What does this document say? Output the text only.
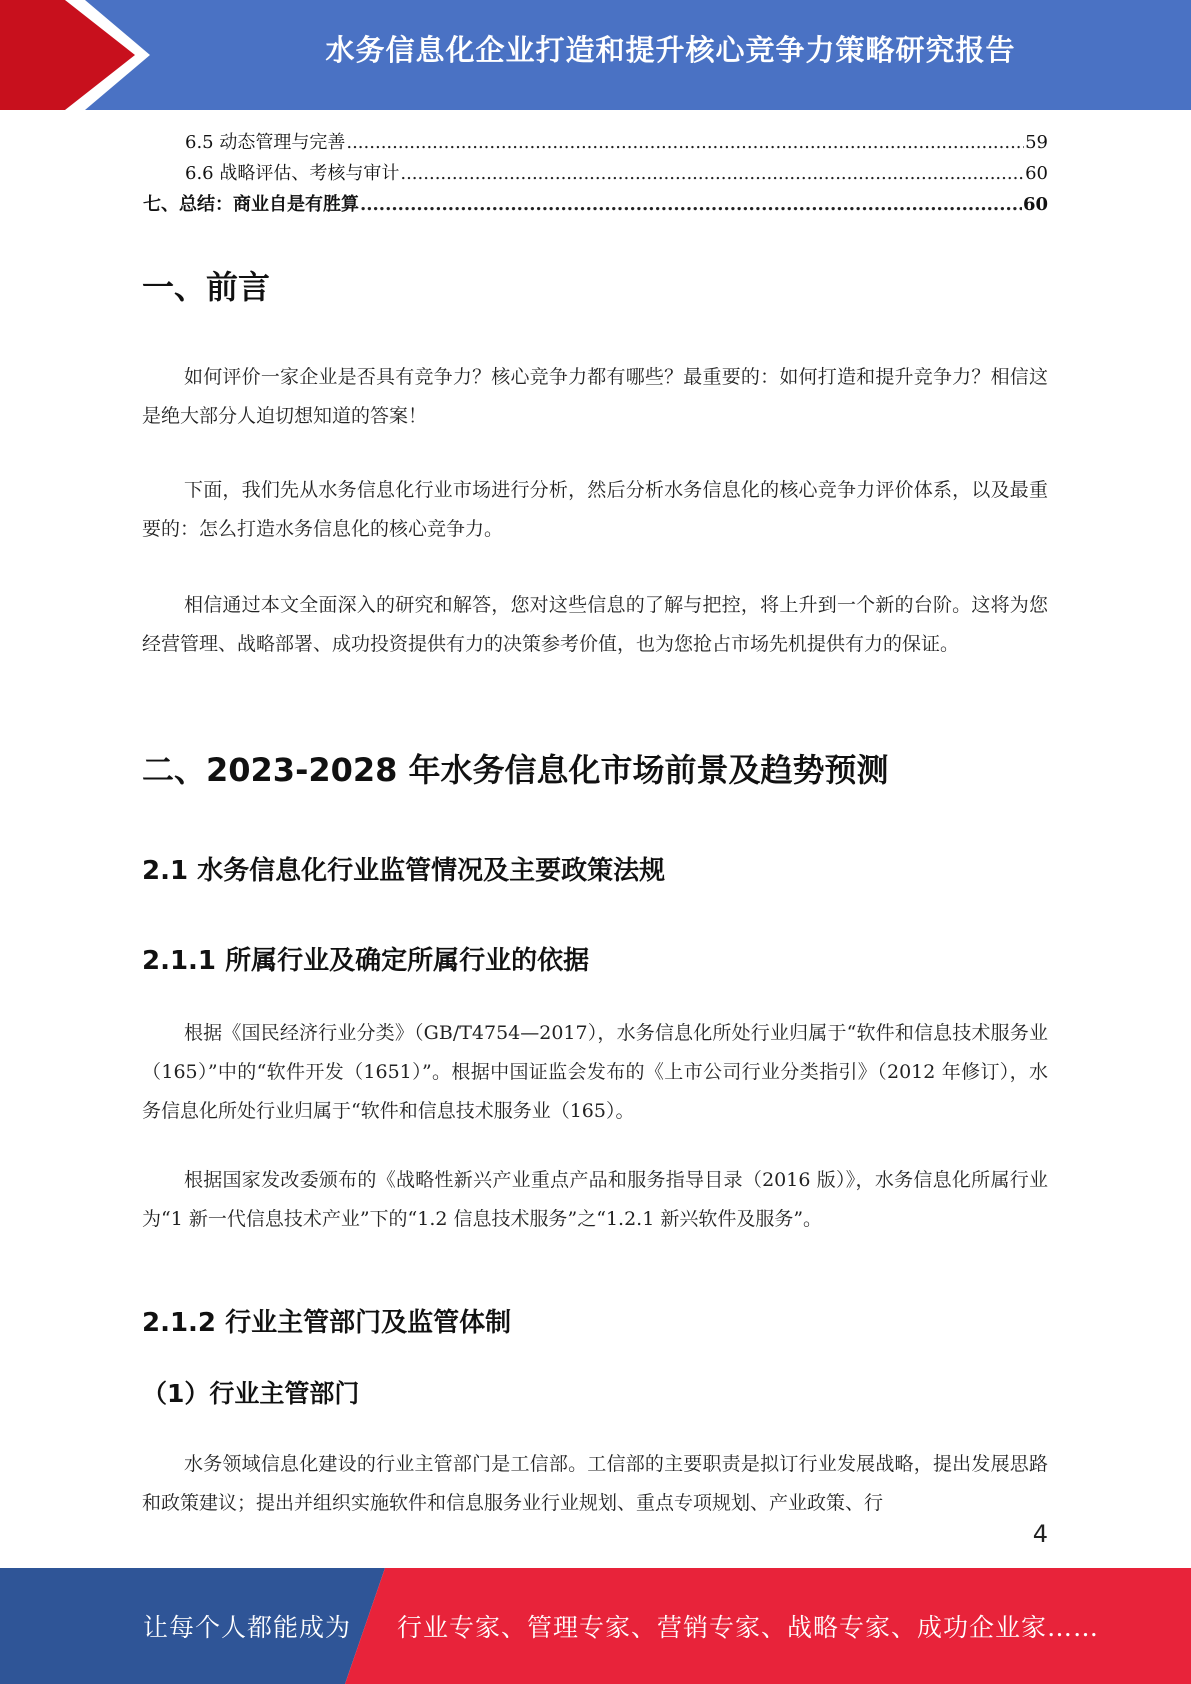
水务信息化企业打造和提升核心竞争力策略研究报告
6.5 动态管理与完善 .....	59
6.6 战略评估、考核与审计 .....	60
七、总结：商业自是有胜算 .....	60
一、前言

如何评价一家企业是否具有竞争力？核心竞争力都有哪些？最重要的：如何打造和提升竞争力？相信这是绝大部分人迫切想知道的答案！

下面，我们先从水务信息化行业市场进行分析，然后分析水务信息化的核心竞争力评价体系，以及最重要的：怎么打造水务信息化的核心竞争力。

相信通过本文全面深入的研究和解答，您对这些信息的了解与把控，将上升到一个新的台阶。这将为您经营管理、战略部署、成功投资提供有力的决策参考价值，也为您抢占市场先机提供有力的保证。

二、2023-2028 年水务信息化市场前景及趋势预测
2.1 水务信息化行业监管情况及主要政策法规
2.1.1 所属行业及确定所属行业的依据

根据《国民经济行业分类》（GB/T4754—2017），水务信息化所处行业归属于“软件和信息技术服务业（165）”中的“软件开发（1651）”。根据中国证监会发布的《上市公司行业分类指引》（2012 年修订），水务信息化所处行业归属于“软件和信息技术服务业（165）。

根据国家发改委颁布的《战略性新兴产业重点产品和服务指导目录（2016 版）》，水务信息化所属行业为“1 新一代信息技术产业”下的“1.2 信息技术服务”之“1.2.1 新兴软件及服务”。

2.1.2 行业主管部门及监管体制
（1）行业主管部门

水务领域信息化建设的行业主管部门是工信部。工信部的主要职责是拟订行业发展战略，提出发展思路和政策建议；提出并组织实施软件和信息服务业行业规划、重点专项规划、产业政策、行

4
让每个人都能成为 行业专家、管理专家、营销专家、战略专家、成功企业家……
